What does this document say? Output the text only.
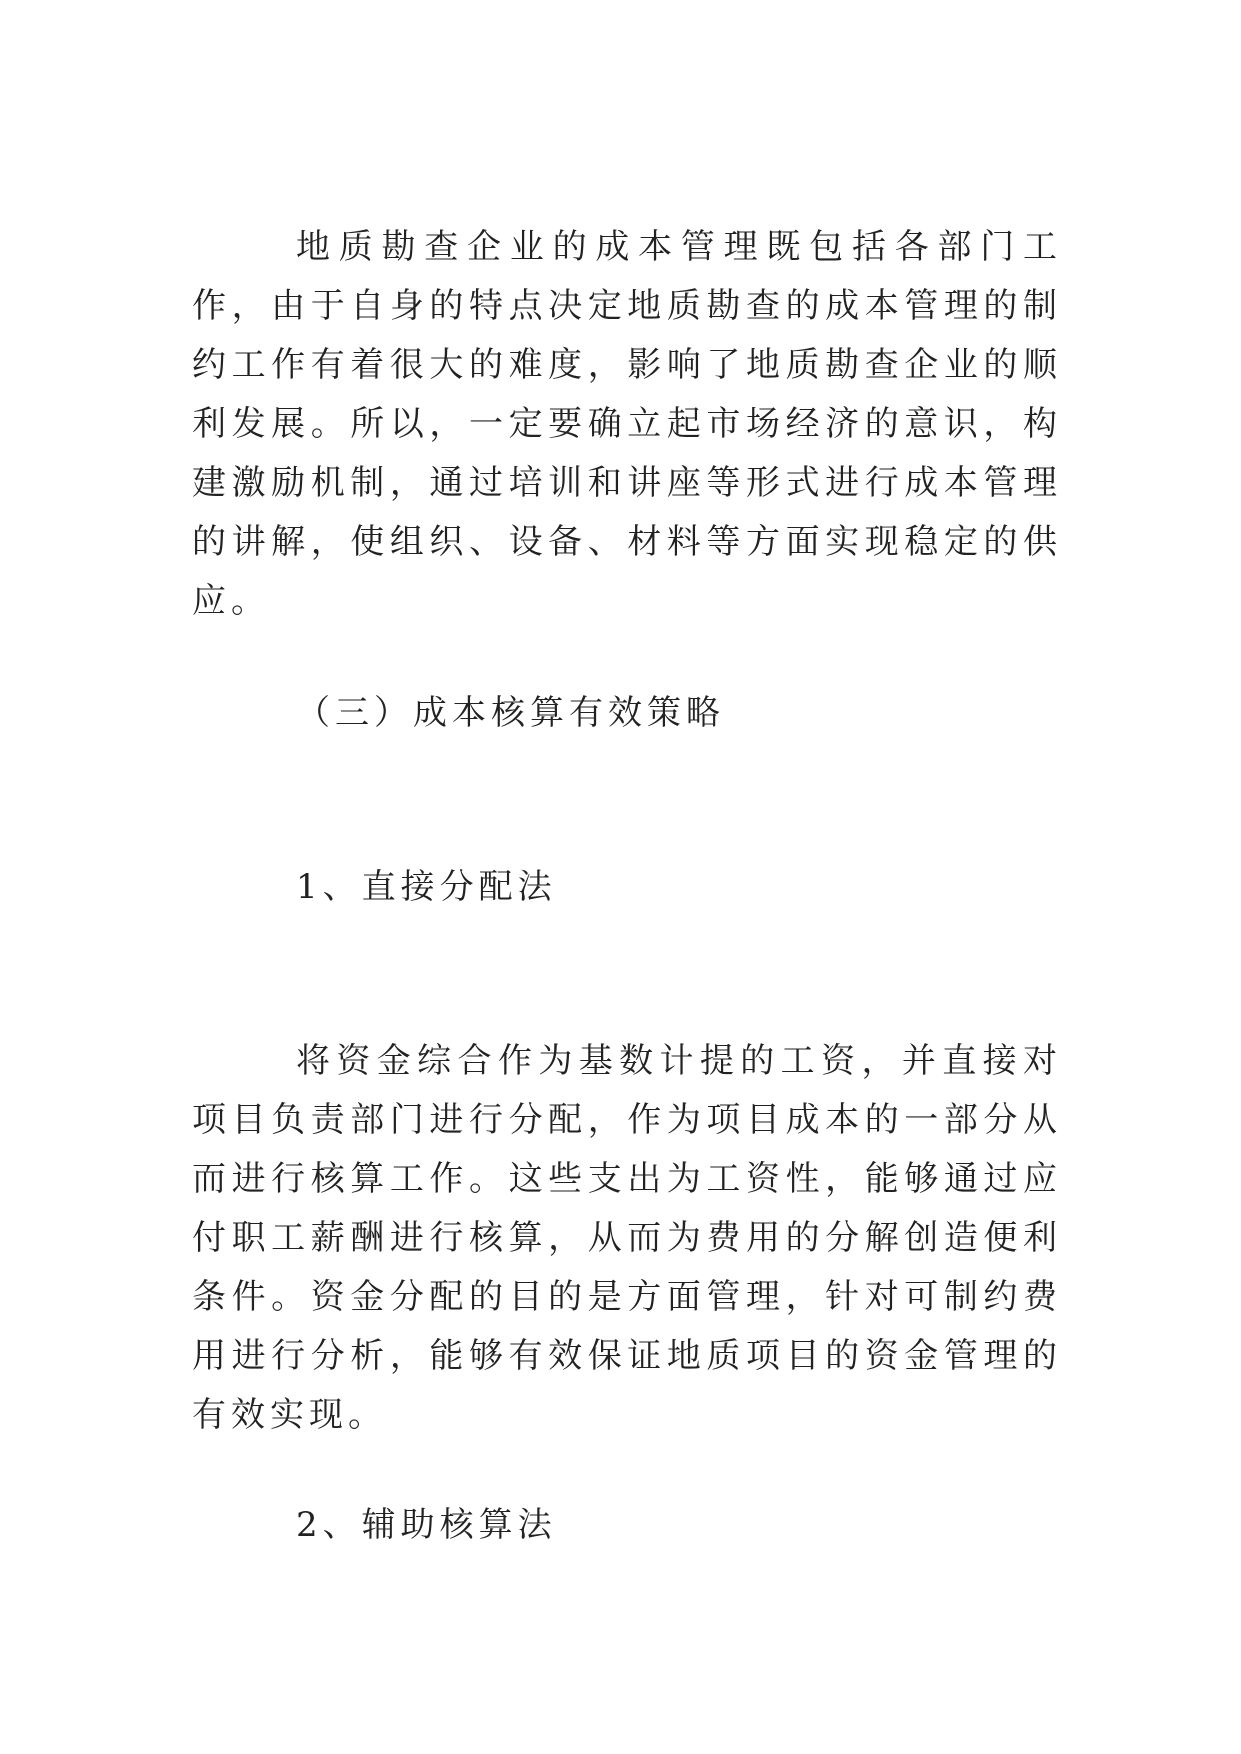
地质勘查企业的成本管理既包括各部门工作，由于自身的特点决定地质勘查的成本管理的制约工作有着很大的难度，影响了地质勘查企业的顺利发展。所以，一定要确立起市场经济的意识，构建激励机制，通过培训和讲座等形式进行成本管理的讲解，使组织、设备、材料等方面实现稳定的供应。

（三）成本核算有效策略
1、直接分配法

将资金综合作为基数计提的工资，并直接对项目负责部门进行分配，作为项目成本的一部分从而进行核算工作。这些支出为工资性，能够通过应付职工薪酬进行核算，从而为费用的分解创造便利条件。资金分配的目的是方面管理，针对可制约费用进行分析，能够有效保证地质项目的资金管理的有效实现。

2、辅助核算法
